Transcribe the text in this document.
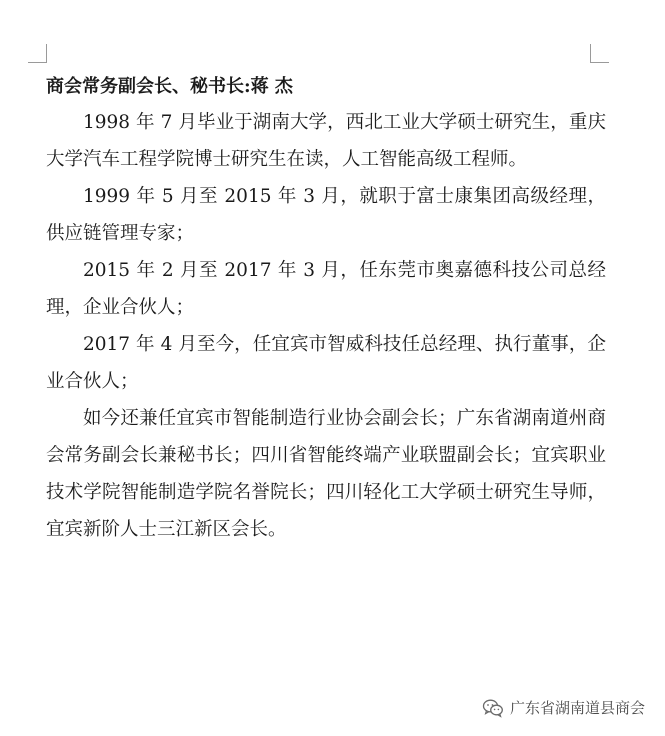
商会常务副会长、秘书长:蒋 杰

1998 年 7 月毕业于湖南大学，西北工业大学硕士研究生，重庆大学汽车工程学院博士研究生在读，人工智能高级工程师。

1999 年 5 月至 2015 年 3 月，就职于富士康集团高级经理，供应链管理专家；

2015 年 2 月至 2017 年 3 月，任东莞市奥嘉德科技公司总经理，企业合伙人；

2017 年 4 月至今，任宜宾市智威科技任总经理、执行董事，企业合伙人；

如今还兼任宜宾市智能制造行业协会副会长；广东省湖南道州商会常务副会长兼秘书长；四川省智能终端产业联盟副会长；宜宾职业技术学院智能制造学院名誉院长；四川轻化工大学硕士研究生导师，宜宾新阶人士三江新区会长。

广东省湖南道县商会
